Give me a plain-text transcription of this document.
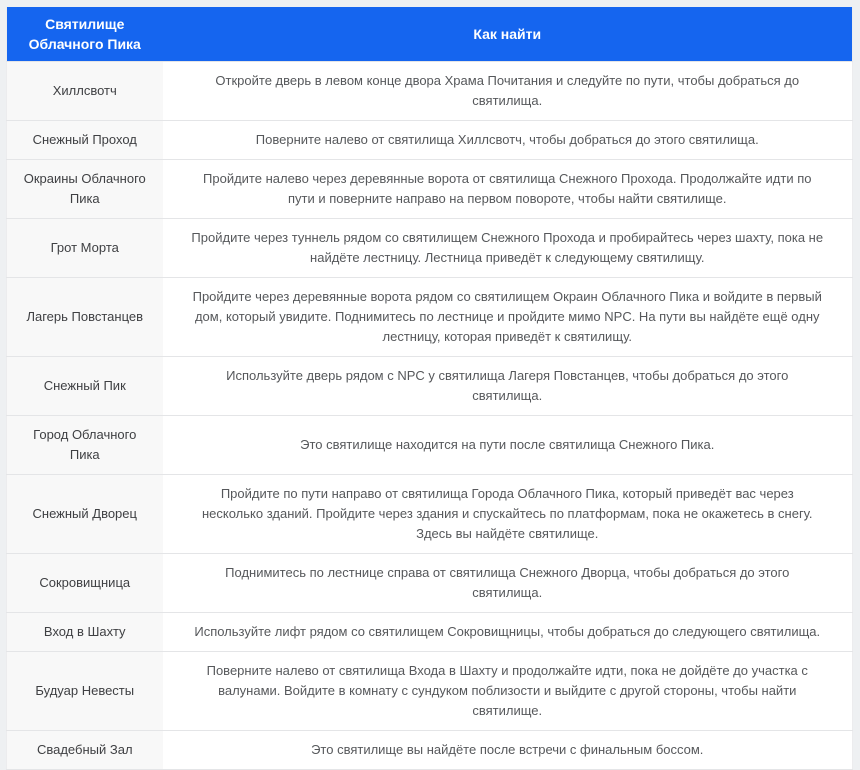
Святилище Облачного Пика	Как найти
Хиллсвотч	Откройте дверь в левом конце двора Храма Почитания и следуйте по пути, чтобы добраться до святилища.
Снежный Проход	Поверните налево от святилища Хиллсвотч, чтобы добраться до этого святилища.
Окраины Облачного Пика	Пройдите налево через деревянные ворота от святилища Снежного Прохода. Продолжайте идти по пути и поверните направо на первом повороте, чтобы найти святилище.
Грот Морта	Пройдите через туннель рядом со святилищем Снежного Прохода и пробирайтесь через шахту, пока не найдёте лестницу. Лестница приведёт к следующему святилищу.
Лагерь Повстанцев	Пройдите через деревянные ворота рядом со святилищем Окраин Облачного Пика и войдите в первый дом, который увидите. Поднимитесь по лестнице и пройдите мимо NPC. На пути вы найдёте ещё одну лестницу, которая приведёт к святилищу.
Снежный Пик	Используйте дверь рядом с NPC у святилища Лагеря Повстанцев, чтобы добраться до этого святилища.
Город Облачного Пика	Это святилище находится на пути после святилища Снежного Пика.
Снежный Дворец	Пройдите по пути направо от святилища Города Облачного Пика, который приведёт вас через несколько зданий. Пройдите через здания и спускайтесь по платформам, пока не окажетесь в снегу. Здесь вы найдёте святилище.
Сокровищница	Поднимитесь по лестнице справа от святилища Снежного Дворца, чтобы добраться до этого святилища.
Вход в Шахту	Используйте лифт рядом со святилищем Сокровищницы, чтобы добраться до следующего святилища.
Будуар Невесты	Поверните налево от святилища Входа в Шахту и продолжайте идти, пока не дойдёте до участка с валунами. Войдите в комнату с сундуком поблизости и выйдите с другой стороны, чтобы найти святилище.
Свадебный Зал	Это святилище вы найдёте после встречи с финальным боссом.
